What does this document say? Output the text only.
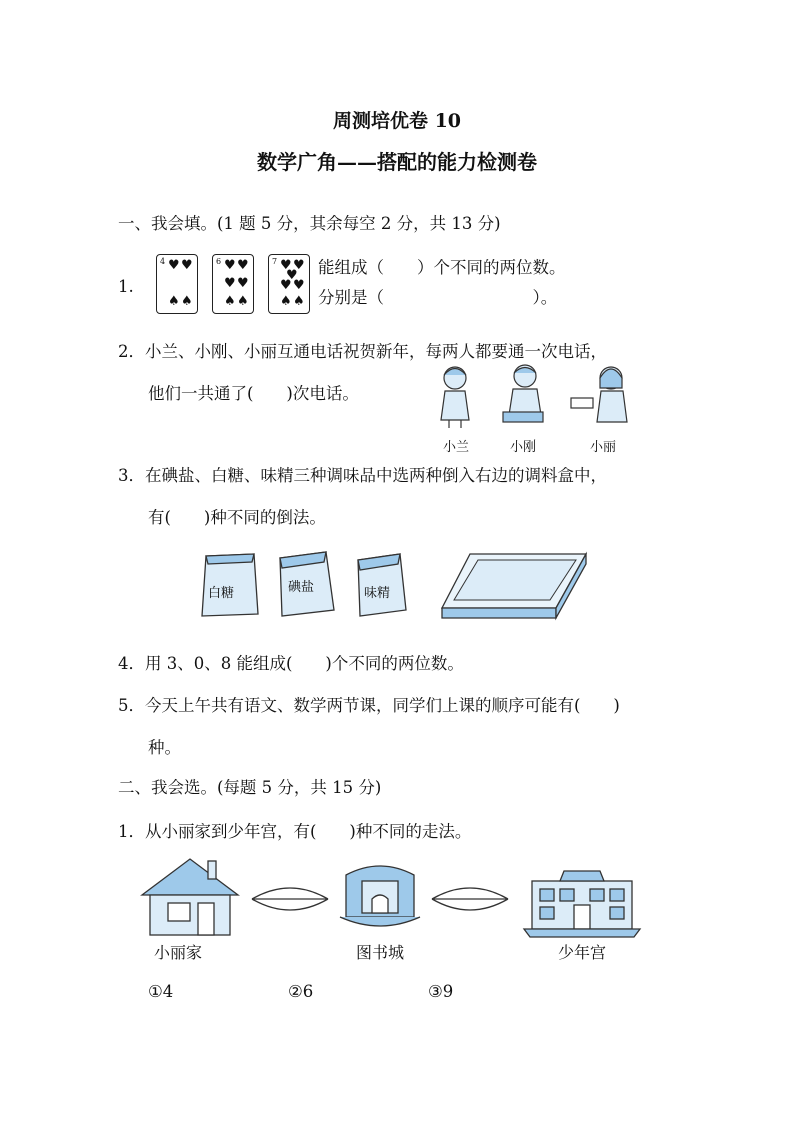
周测培优卷 10
数学广角——搭配的能力检测卷
一、我会填。(1 题 5 分，其余每空 2 分，共 13 分)
1.
4 ♥ ♥
♠ ♠
6 ♥ ♥
♥ ♥
♠ ♠
7 ♥ ♥
♥
♥ ♥
♠ ♠
能组成（　　）个不同的两位数。
分别是（　　　　　　　　　）。
2．小兰、小刚、小丽互通电话祝贺新年，每两人都要通一次电话，
他们一共通了(　　)次电话。
小兰	小刚	小丽
3．在碘盐、白糖、味精三种调味品中选两种倒入右边的调料盒中，
有(　　)种不同的倒法。
白糖	碘盐	味精
4．用 3、0、8 能组成(　　)个不同的两位数。
5．今天上午共有语文、数学两节课，同学们上课的顺序可能有(　　)
种。
二、我会选。(每题 5 分，共 15 分)
1．从小丽家到少年宫，有(　　)种不同的走法。
小丽家	图书城	少年宫
①4	②6	③9
